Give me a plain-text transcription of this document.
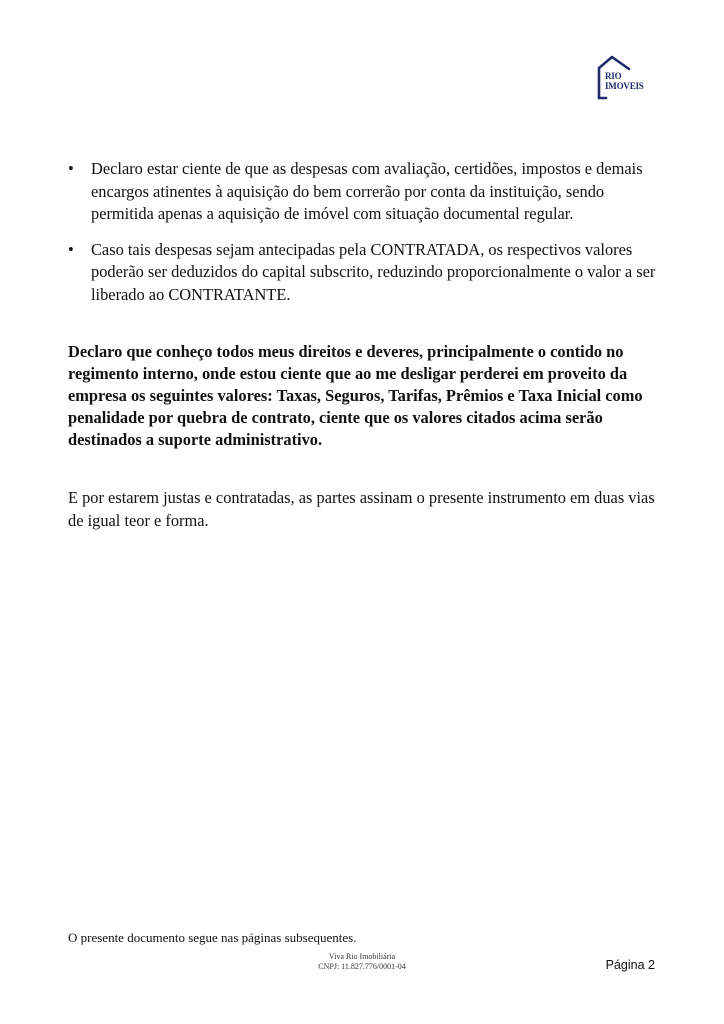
RIO
IMOVEIS
• Declaro estar ciente de que as despesas com avaliação, certidões, impostos e demais encargos atinentes à aquisição do bem correrão por conta da instituição, sendo permitida apenas a aquisição de imóvel com situação documental regular.
• Caso tais despesas sejam antecipadas pela CONTRATADA, os respectivos valores poderão ser deduzidos do capital subscrito, reduzindo proporcionalmente o valor a ser liberado ao CONTRATANTE.

Declaro que conheço todos meus direitos e deveres, principalmente o contido no regimento interno, onde estou ciente que ao me desligar perderei em proveito da empresa os seguintes valores: Taxas, Seguros, Tarifas, Prêmios e Taxa Inicial como penalidade por quebra de contrato, ciente que os valores citados acima serão destinados a suporte administrativo.

E por estarem justas e contratadas, as partes assinam o presente instrumento em duas vias de igual teor e forma.

O presente documento segue nas páginas subsequentes.

Viva Rio Imobiliária
CNPJ: 11.827.776/0001-04	Página 2
